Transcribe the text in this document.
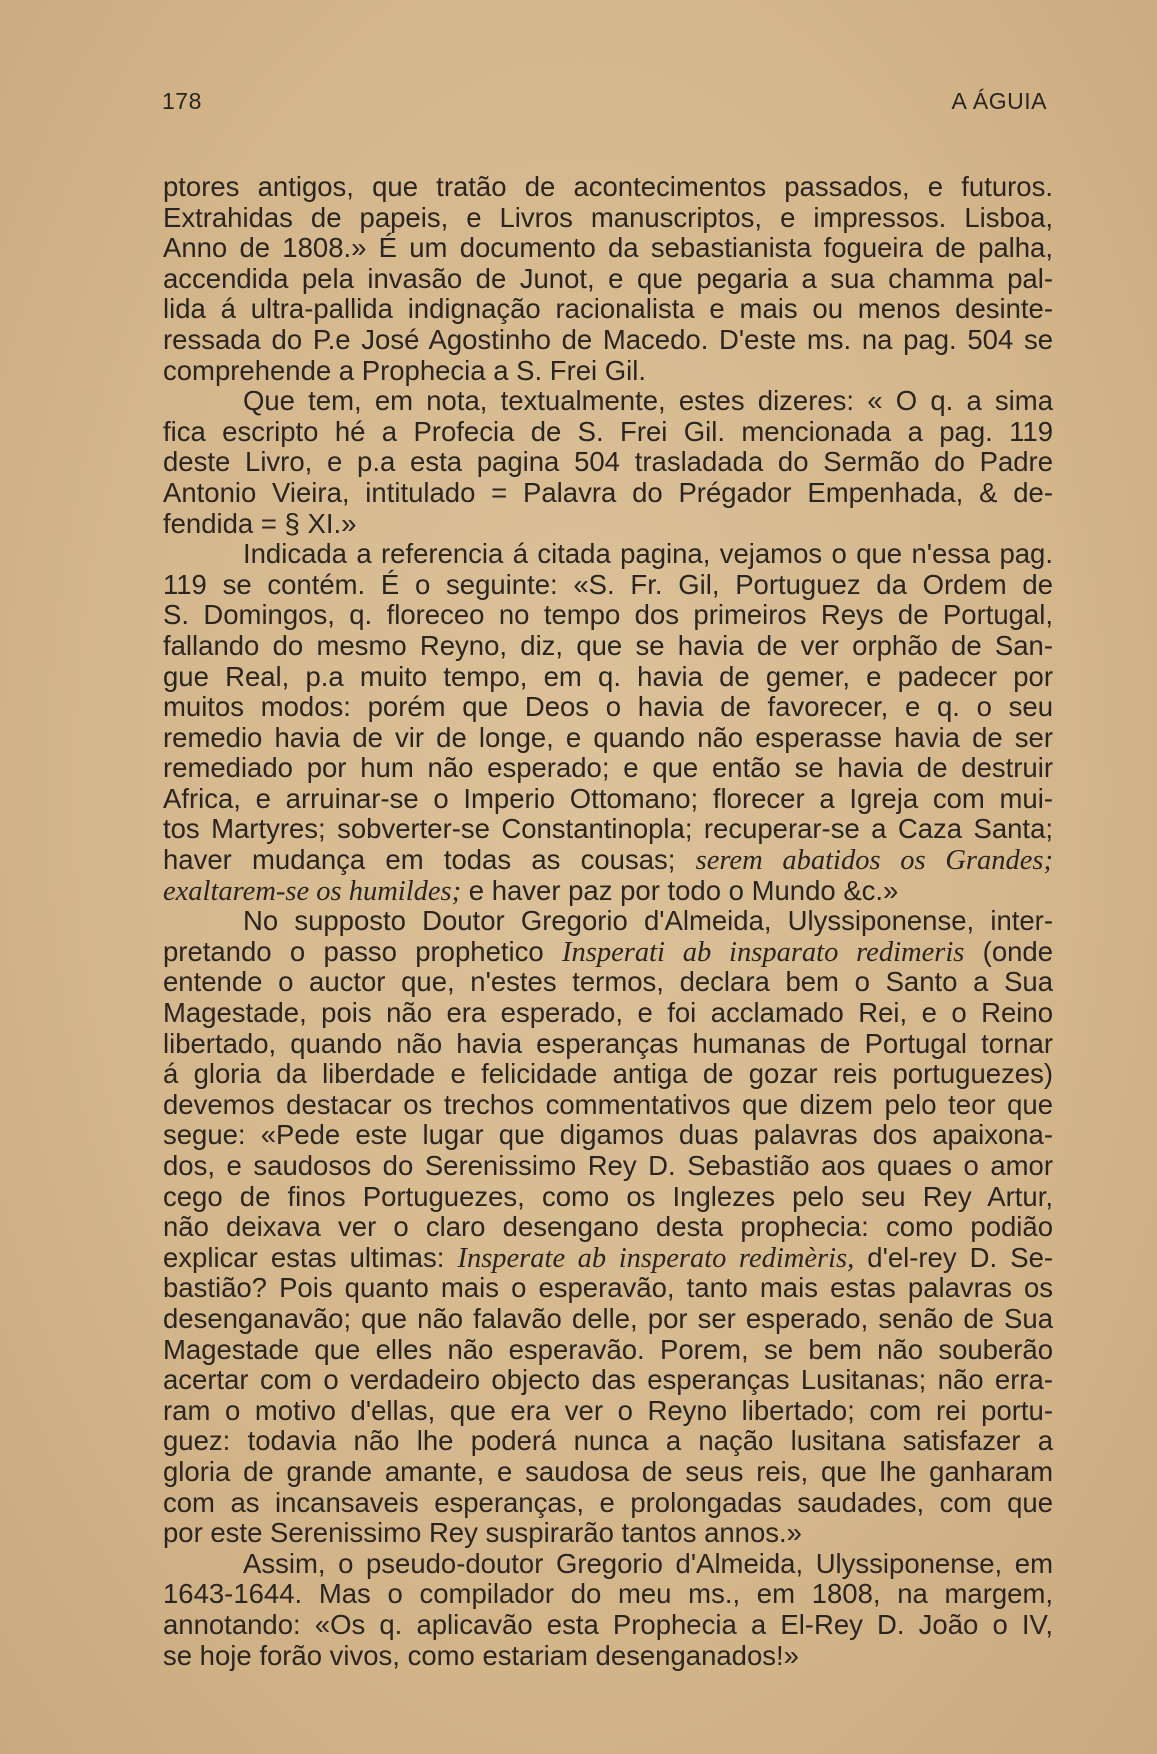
178	A ÁGUIA
ptores antigos, que tratão de acontecimentos passados, e futuros.
Extrahidas de papeis, e Livros manuscriptos, e impressos. Lisboa,
Anno de 1808.» É um documento da sebastianista fogueira de palha,
accendida pela invasão de Junot, e que pegaria a sua chamma pal-
lida á ultra-pallida indignação racionalista e mais ou menos desinte-
ressada do P.e José Agostinho de Macedo. D'este ms. na pag. 504 se
comprehende a Prophecia a S. Frei Gil.
Que tem, em nota, textualmente, estes dizeres: « O q. a sima
fica escripto hé a Profecia de S. Frei Gil. mencionada a pag. 119
deste Livro, e p.a esta pagina 504 trasladada do Sermão do Padre
Antonio Vieira, intitulado = Palavra do Prégador Empenhada, & de-
fendida = § XI.»
Indicada a referencia á citada pagina, vejamos o que n'essa pag.
119 se contém. É o seguinte: «S. Fr. Gil, Portuguez da Ordem de
S. Domingos, q. floreceo no tempo dos primeiros Reys de Portugal,
fallando do mesmo Reyno, diz, que se havia de ver orphão de San-
gue Real, p.a muito tempo, em q. havia de gemer, e padecer por
muitos modos: porém que Deos o havia de favorecer, e q. o seu
remedio havia de vir de longe, e quando não esperasse havia de ser
remediado por hum não esperado; e que então se havia de destruir
Africa, e arruinar-se o Imperio Ottomano; florecer a Igreja com mui-
tos Martyres; sobverter-se Constantinopla; recuperar-se a Caza Santa;
haver mudança em todas as cousas; serem abatidos os Grandes;
exaltarem-se os humildes; e haver paz por todo o Mundo &c.»
No supposto Doutor Gregorio d'Almeida, Ulyssiponense, inter-
pretando o passo prophetico Insperati ab insparato redimeris (onde
entende o auctor que, n'estes termos, declara bem o Santo a Sua
Magestade, pois não era esperado, e foi acclamado Rei, e o Reino
libertado, quando não havia esperanças humanas de Portugal tornar
á gloria da liberdade e felicidade antiga de gozar reis portuguezes)
devemos destacar os trechos commentativos que dizem pelo teor que
segue: «Pede este lugar que digamos duas palavras dos apaixona-
dos, e saudosos do Serenissimo Rey D. Sebastião aos quaes o amor
cego de finos Portuguezes, como os Inglezes pelo seu Rey Artur,
não deixava ver o claro desengano desta prophecia: como podião
explicar estas ultimas: Insperate ab insperato redimèris, d'el-rey D. Se-
bastião? Pois quanto mais o esperavão, tanto mais estas palavras os
desenganavão; que não falavão delle, por ser esperado, senão de Sua
Magestade que elles não esperavão. Porem, se bem não souberão
acertar com o verdadeiro objecto das esperanças Lusitanas; não erra-
ram o motivo d'ellas, que era ver o Reyno libertado; com rei portu-
guez: todavia não lhe poderá nunca a nação lusitana satisfazer a
gloria de grande amante, e saudosa de seus reis, que lhe ganharam
com as incansaveis esperanças, e prolongadas saudades, com que
por este Serenissimo Rey suspirarão tantos annos.»
Assim, o pseudo-doutor Gregorio d'Almeida, Ulyssiponense, em
1643-1644. Mas o compilador do meu ms., em 1808, na margem,
annotando: «Os q. aplicavão esta Prophecia a El-Rey D. João o IV,
se hoje forão vivos, como estariam desenganados!»
